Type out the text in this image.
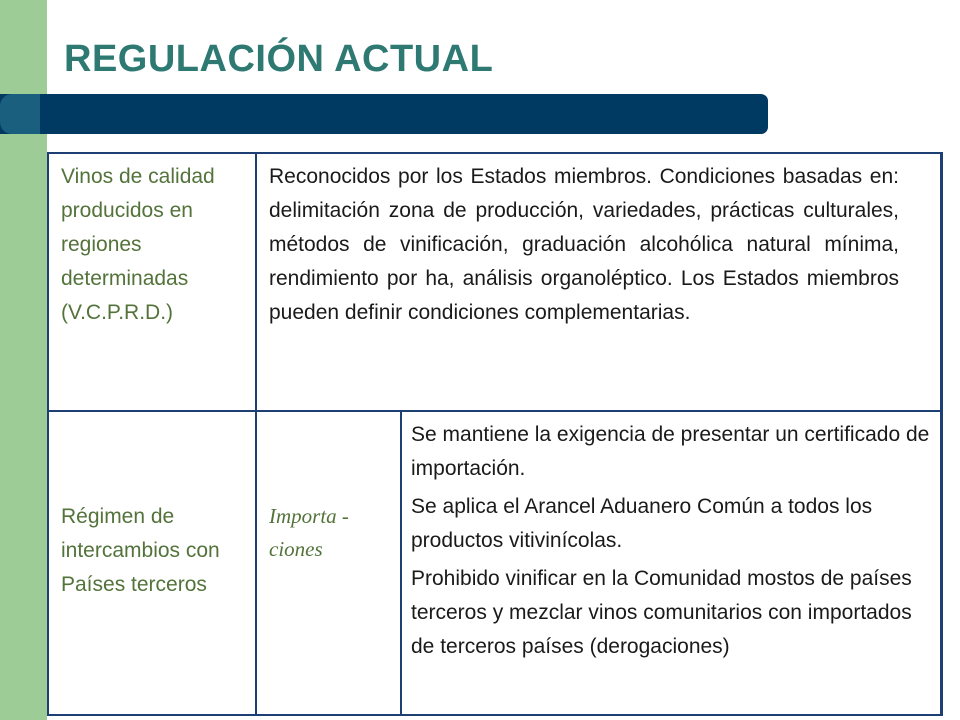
REGULACIÓN ACTUAL
Vinos de calidad producidos en regiones determinadas (V.C.P.R.D.)
Reconocidos por los Estados miembros. Condiciones basadas en: delimitación zona de producción, variedades, prácticas culturales, métodos de vinificación, graduación alcohólica natural mínima, rendimiento por ha, análisis organoléptico. Los Estados miembros pueden definir condiciones complementarias.
Régimen de intercambios con Países terceros
Importa - ciones

Se mantiene la exigencia de presentar un certificado de importación.

Se aplica el Arancel Aduanero Común a todos los productos vitivinícolas.

Prohibido vinificar en la Comunidad mostos de países terceros y mezclar vinos comunitarios con importados de terceros países (derogaciones)
